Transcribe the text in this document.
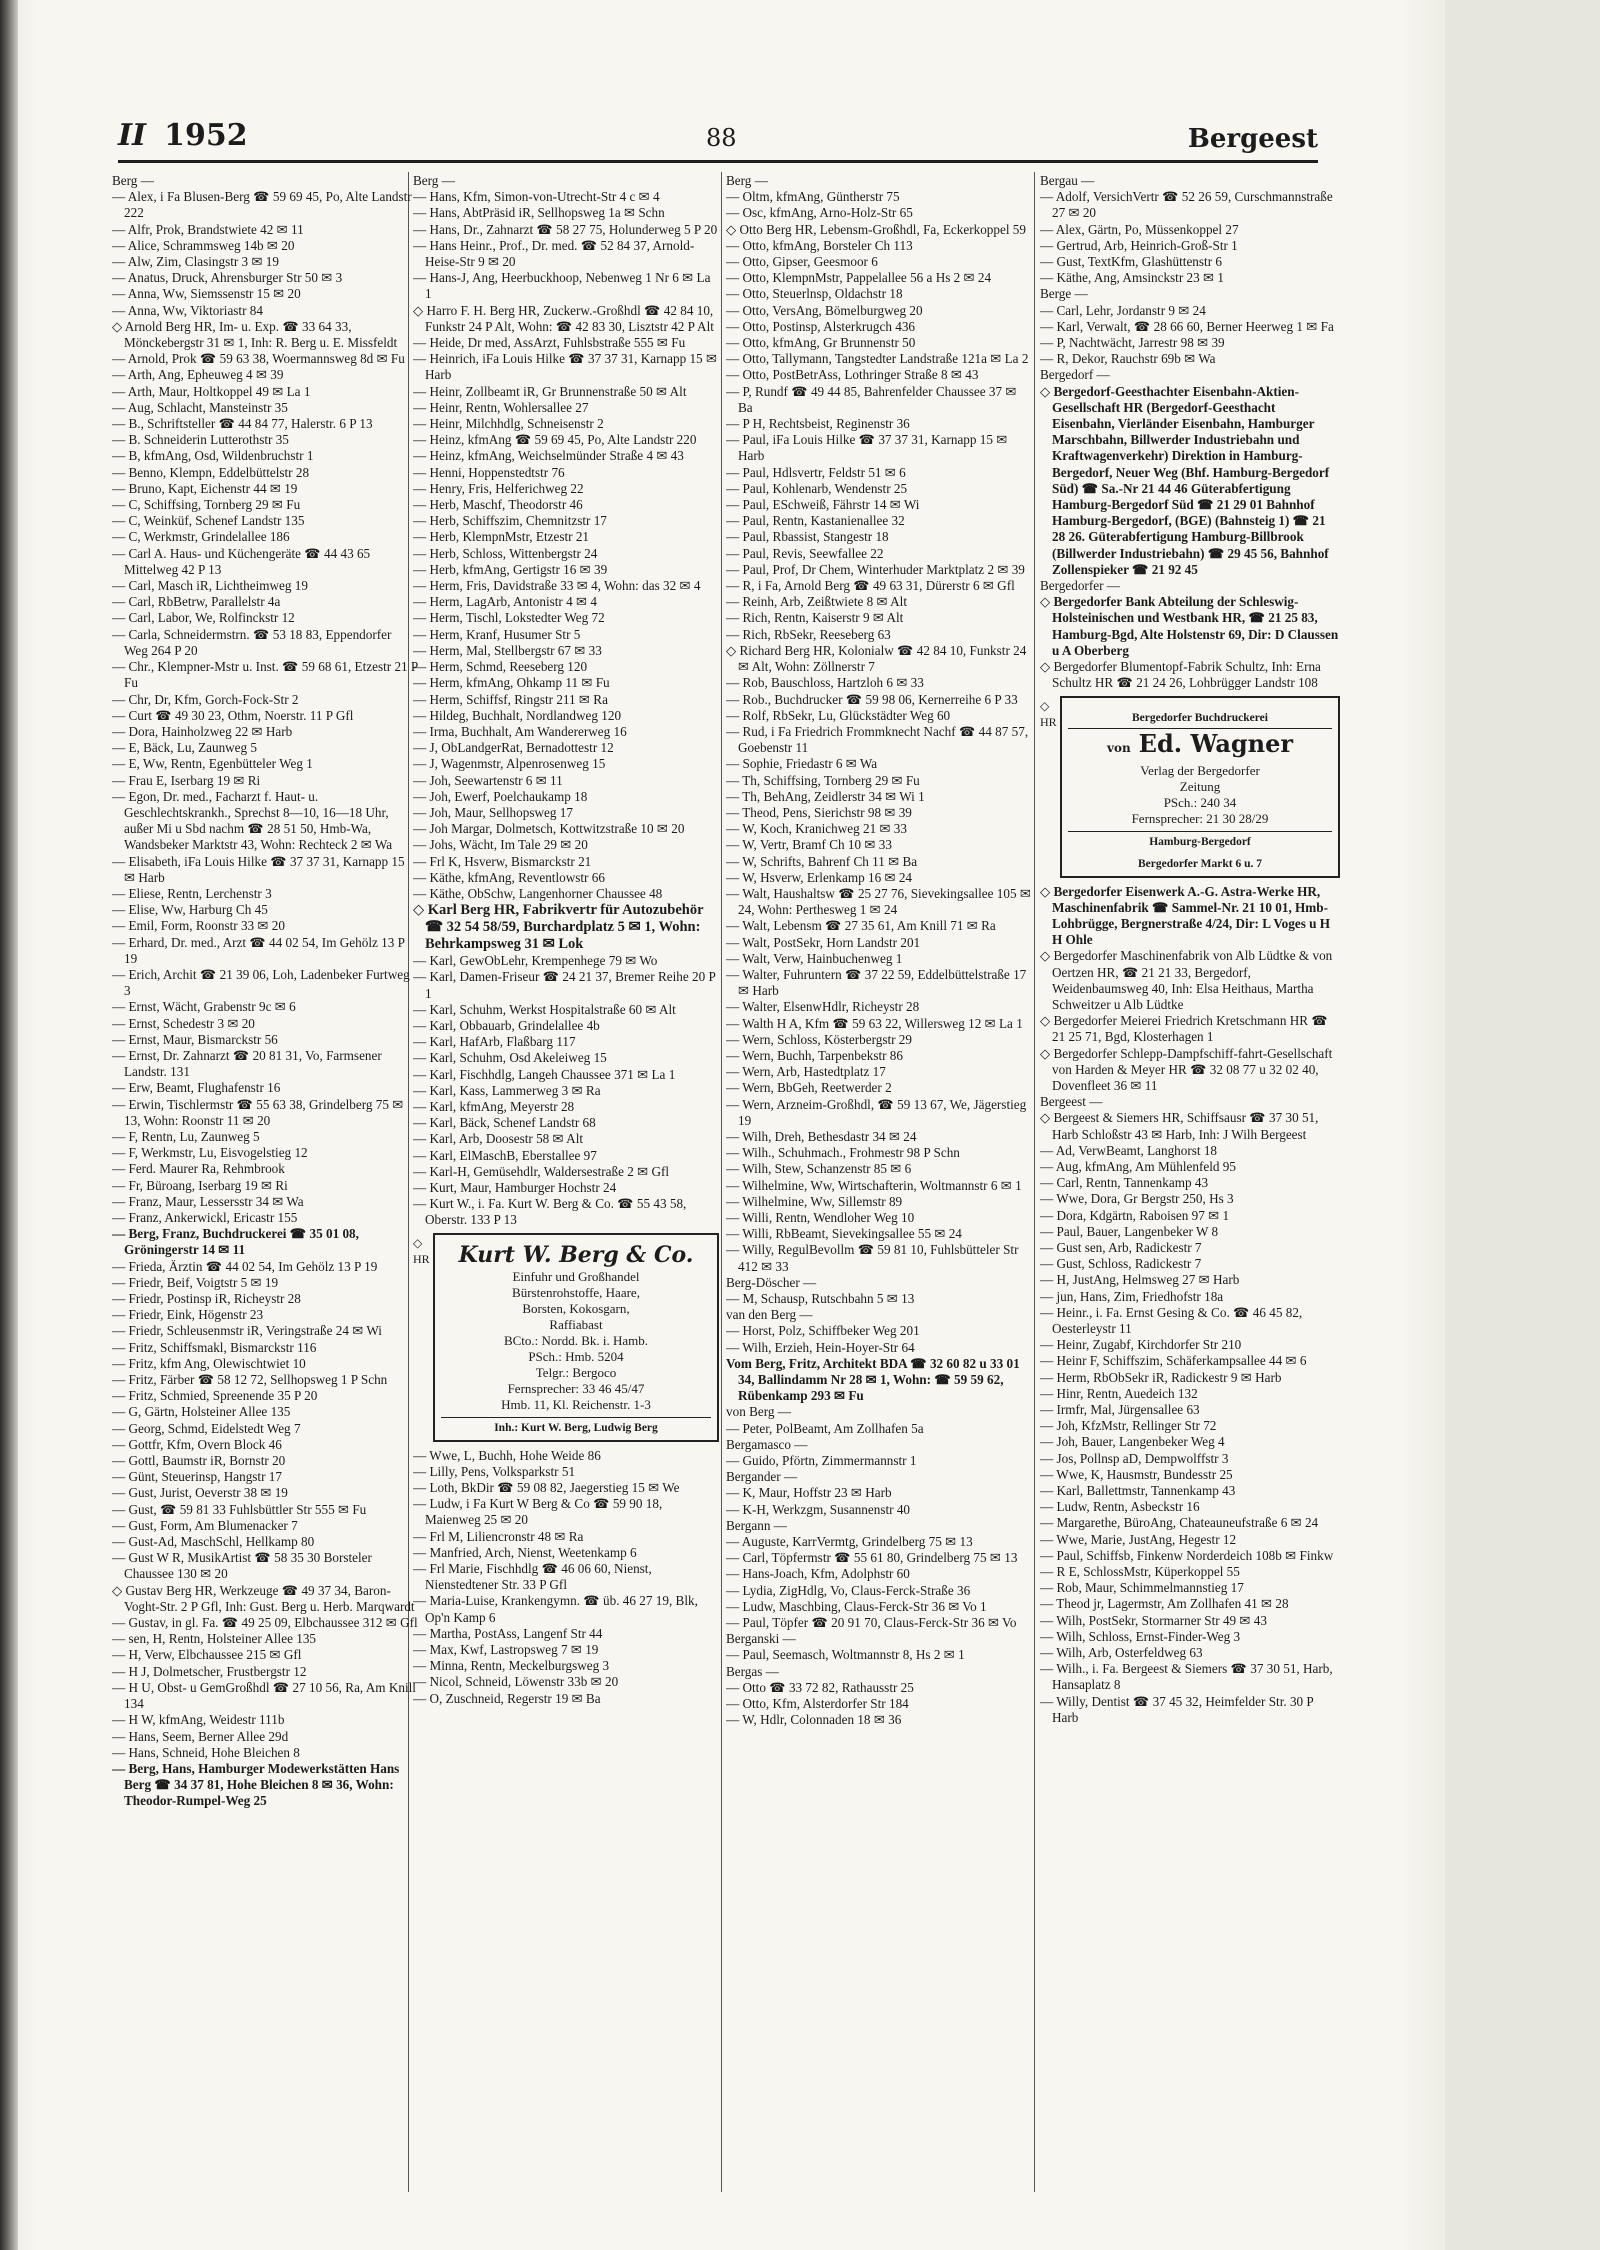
II 1952	88	Bergeest

Berg —

— Alex, i Fa Blusen-Berg ☎ 59 69 45, Po, Alte Landstr 222

— Alfr, Prok, Brandstwiete 42 ✉ 11

— Alice, Schrammsweg 14b ✉ 20

— Alw, Zim, Clasingstr 3 ✉ 19

— Anatus, Druck, Ahrensburger Str 50 ✉ 3

— Anna, Ww, Siemssenstr 15 ✉ 20

— Anna, Ww, Viktoriastr 84

◇ Arnold Berg HR, Im- u. Exp. ☎ 33 64 33, Mönckebergstr 31 ✉ 1, Inh: R. Berg u. E. Missfeldt

— Arnold, Prok ☎ 59 63 38, Woermannsweg 8d ✉ Fu

— Arth, Ang, Epheuweg 4 ✉ 39

— Arth, Maur, Holtkoppel 49 ✉ La 1

— Aug, Schlacht, Mansteinstr 35

— B., Schriftsteller ☎ 44 84 77, Halerstr. 6 P 13

— B. Schneiderin Lutterothstr 35

— B, kfmAng, Osd, Wildenbruchstr 1

— Benno, Klempn, Eddelbüttelstr 28

— Bruno, Kapt, Eichenstr 44 ✉ 19

— C, Schiffsing, Tornberg 29 ✉ Fu

— C, Weinküf, Schenef Landstr 135

— C, Werkmstr, Grindelallee 186

— Carl A. Haus- und Küchengeräte ☎ 44 43 65 Mittelweg 42 P 13

— Carl, Masch iR, Lichtheimweg 19

— Carl, RbBetrw, Parallelstr 4a

— Carl, Labor, We, Rolfinckstr 12

— Carla, Schneidermstrn. ☎ 53 18 83, Eppendorfer Weg 264 P 20

— Chr., Klempner-Mstr u. Inst. ☎ 59 68 61, Etzestr 21 P Fu

— Chr, Dr, Kfm, Gorch-Fock-Str 2

— Curt ☎ 49 30 23, Othm, Noerstr. 11 P Gfl

— Dora, Hainholzweg 22 ✉ Harb

— E, Bäck, Lu, Zaunweg 5

— E, Ww, Rentn, Egenbütteler Weg 1

— Frau E, Iserbarg 19 ✉ Ri

— Egon, Dr. med., Facharzt f. Haut- u. Geschlechtskrankh., Sprechst 8—10, 16—18 Uhr, außer Mi u Sbd nachm ☎ 28 51 50, Hmb-Wa, Wandsbeker Marktstr 43, Wohn: Rechteck 2 ✉ Wa

— Elisabeth, iFa Louis Hilke ☎ 37 37 31, Karnapp 15 ✉ Harb

— Eliese, Rentn, Lerchenstr 3

— Elise, Ww, Harburg Ch 45

— Emil, Form, Roonstr 33 ✉ 20

— Erhard, Dr. med., Arzt ☎ 44 02 54, Im Gehölz 13 P 19

— Erich, Archit ☎ 21 39 06, Loh, Ladenbeker Furtweg 3

— Ernst, Wächt, Grabenstr 9c ✉ 6

— Ernst, Schedestr 3 ✉ 20

— Ernst, Maur, Bismarckstr 56

— Ernst, Dr. Zahnarzt ☎ 20 81 31, Vo, Farmsener Landstr. 131

— Erw, Beamt, Flughafenstr 16

— Erwin, Tischlermstr ☎ 55 63 38, Grindelberg 75 ✉ 13, Wohn: Roonstr 11 ✉ 20

— F, Rentn, Lu, Zaunweg 5

— F, Werkmstr, Lu, Eisvogelstieg 12

— Ferd. Maurer Ra, Rehmbrook

— Fr, Büroang, Iserbarg 19 ✉ Ri

— Franz, Maur, Lessersstr 34 ✉ Wa

— Franz, Ankerwickl, Ericastr 155

— Berg, Franz, Buchdruckerei ☎ 35 01 08, Gröningerstr 14 ✉ 11

— Frieda, Ärztin ☎ 44 02 54, Im Gehölz 13 P 19

— Friedr, Beif, Voigtstr 5 ✉ 19

— Friedr, Postinsp iR, Richeystr 28

— Friedr, Eink, Högenstr 23

— Friedr, Schleusenmstr iR, Veringstraße 24 ✉ Wi

— Fritz, Schiffsmakl, Bismarckstr 116

— Fritz, kfm Ang, Olewischtwiet 10

— Fritz, Färber ☎ 58 12 72, Sellhopsweg 1 P Schn

— Fritz, Schmied, Spreenende 35 P 20

— G, Gärtn, Holsteiner Allee 135

— Georg, Schmd, Eidelstedt Weg 7

— Gottfr, Kfm, Overn Block 46

— Gottl, Baumstr iR, Bornstr 20

— Günt, Steuerinsp, Hangstr 17

— Gust, Jurist, Oeverstr 38 ✉ 19

— Gust, ☎ 59 81 33 Fuhlsbüttler Str 555 ✉ Fu

— Gust, Form, Am Blumenacker 7

— Gust-Ad, MaschSchl, Hellkamp 80

— Gust W R, MusikArtist ☎ 58 35 30 Borsteler Chaussee 130 ✉ 20

◇ Gustav Berg HR, Werkzeuge ☎ 49 37 34, Baron-Voght-Str. 2 P Gfl, Inh: Gust. Berg u. Herb. Marqwardt

— Gustav, in gl. Fa. ☎ 49 25 09, Elbchaussee 312 ✉ Gfl

— sen, H, Rentn, Holsteiner Allee 135

— H, Verw, Elbchaussee 215 ✉ Gfl

— H J, Dolmetscher, Frustbergstr 12

— H U, Obst- u GemGroßhdl ☎ 27 10 56, Ra, Am Knill 134

— H W, kfmAng, Weidestr 111b

— Hans, Seem, Berner Allee 29d

— Hans, Schneid, Hohe Bleichen 8

— Berg, Hans, Hamburger Modewerkstätten Hans Berg ☎ 34 37 81, Hohe Bleichen 8 ✉ 36, Wohn: Theodor-Rumpel-Weg 25

Berg —

— Hans, Kfm, Simon-von-Utrecht-Str 4 c ✉ 4

— Hans, AbtPräsid iR, Sellhopsweg 1a ✉ Schn

— Hans, Dr., Zahnarzt ☎ 58 27 75, Holunderweg 5 P 20

— Hans Heinr., Prof., Dr. med. ☎ 52 84 37, Arnold-Heise-Str 9 ✉ 20

— Hans-J, Ang, Heerbuckhoop, Nebenweg 1 Nr 6 ✉ La 1

◇ Harro F. H. Berg HR, Zuckerw.-Großhdl ☎ 42 84 10, Funkstr 24 P Alt, Wohn: ☎ 42 83 30, Lisztstr 42 P Alt

— Heide, Dr med, AssArzt, Fuhlsbstraße 555 ✉ Fu

— Heinrich, iFa Louis Hilke ☎ 37 37 31, Karnapp 15 ✉ Harb

— Heinr, Zollbeamt iR, Gr Brunnenstraße 50 ✉ Alt

— Heinr, Rentn, Wohlersallee 27

— Heinr, Milchhdlg, Schneisenstr 2

— Heinz, kfmAng ☎ 59 69 45, Po, Alte Landstr 220

— Heinz, kfmAng, Weichselmünder Straße 4 ✉ 43

— Henni, Hoppenstedtstr 76

— Henry, Fris, Helferichweg 22

— Herb, Maschf, Theodorstr 46

— Herb, Schiffszim, Chemnitzstr 17

— Herb, KlempnMstr, Etzestr 21

— Herb, Schloss, Wittenbergstr 24

— Herb, kfmAng, Gertigstr 16 ✉ 39

— Herm, Fris, Davidstraße 33 ✉ 4, Wohn: das 32 ✉ 4

— Herm, LagArb, Antonistr 4 ✉ 4

— Herm, Tischl, Lokstedter Weg 72

— Herm, Kranf, Husumer Str 5

— Herm, Mal, Stellbergstr 67 ✉ 33

— Herm, Schmd, Reeseberg 120

— Herm, kfmAng, Ohkamp 11 ✉ Fu

— Herm, Schiffsf, Ringstr 211 ✉ Ra

— Hildeg, Buchhalt, Nordlandweg 120

— Irma, Buchhalt, Am Wandererweg 16

— J, ObLandgerRat, Bernadottestr 12

— J, Wagenmstr, Alpenrosenweg 15

— Joh, Seewartenstr 6 ✉ 11

— Joh, Ewerf, Poelchaukamp 18

— Joh, Maur, Sellhopsweg 17

— Joh Margar, Dolmetsch, Kottwitzstraße 10 ✉ 20

— Johs, Wächt, Im Tale 29 ✉ 20

— Frl K, Hsverw, Bismarckstr 21

— Käthe, kfmAng, Reventlowstr 66

— Käthe, ObSchw, Langenhorner Chaussee 48

◇ Karl Berg HR, Fabrikvertr für Autozubehör ☎ 32 54 58/59, Burchardplatz 5 ✉ 1, Wohn: Behrkampsweg 31 ✉ Lok

— Karl, GewObLehr, Krempenhege 79 ✉ Wo

— Karl, Damen-Friseur ☎ 24 21 37, Bremer Reihe 20 P 1

— Karl, Schuhm, Werkst Hospitalstraße 60 ✉ Alt

— Karl, Obbauarb, Grindelallee 4b

— Karl, HafArb, Flaßbarg 117

— Karl, Schuhm, Osd Akeleiweg 15

— Karl, Fischhdlg, Langeh Chaussee 371 ✉ La 1

— Karl, Kass, Lammerweg 3 ✉ Ra

— Karl, kfmAng, Meyerstr 28

— Karl, Bäck, Schenef Landstr 68

— Karl, Arb, Doosestr 58 ✉ Alt

— Karl, ElMaschB, Eberstallee 97

— Karl-H, Gemüsehdlr, Waldersestraße 2 ✉ Gfl

— Kurt, Maur, Hamburger Hochstr 24

— Kurt W., i. Fa. Kurt W. Berg & Co. ☎ 55 43 58, Oberstr. 133 P 13

◇
HR	Kurt W. Berg & Co.
Einfuhr und Großhandel
Bürstenrohstoffe, Haare,
Borsten, Kokosgarn,
Raffiabast
BCto.: Nordd. Bk. i. Hamb.
PSch.: Hmb. 5204
Telgr.: Bergoco
Fernsprecher: 33 46 45/47
Hmb. 11, Kl. Reichenstr. 1-3
Inh.: Kurt W. Berg, Ludwig Berg

— Wwe, L, Buchh, Hohe Weide 86

— Lilly, Pens, Volksparkstr 51

— Loth, BkDir ☎ 59 08 82, Jaegerstieg 15 ✉ We

— Ludw, i Fa Kurt W Berg & Co ☎ 59 90 18, Maienweg 25 ✉ 20

— Frl M, Liliencronstr 48 ✉ Ra

— Manfried, Arch, Nienst, Weetenkamp 6

— Frl Marie, Fischhdlg ☎ 46 06 60, Nienst, Nienstedtener Str. 33 P Gfl

— Maria-Luise, Krankengymn. ☎ üb. 46 27 19, Blk, Op'n Kamp 6

— Martha, PostAss, Langenf Str 44

— Max, Kwf, Lastropsweg 7 ✉ 19

— Minna, Rentn, Meckelburgsweg 3

— Nicol, Schneid, Löwenstr 33b ✉ 20

— O, Zuschneid, Regerstr 19 ✉ Ba

Berg —

— Oltm, kfmAng, Güntherstr 75

— Osc, kfmAng, Arno-Holz-Str 65

◇ Otto Berg HR, Lebensm-Großhdl, Fa, Eckerkoppel 59

— Otto, kfmAng, Borsteler Ch 113

— Otto, Gipser, Geesmoor 6

— Otto, KlempnMstr, Pappelallee 56 a Hs 2 ✉ 24

— Otto, Steuerlnsp, Oldachstr 18

— Otto, VersAng, Bömelburgweg 20

— Otto, Postinsp, Alsterkrugch 436

— Otto, kfmAng, Gr Brunnenstr 50

— Otto, Tallymann, Tangstedter Landstraße 121a ✉ La 2

— Otto, PostBetrAss, Lothringer Straße 8 ✉ 43

— P, Rundf ☎ 49 44 85, Bahrenfelder Chaussee 37 ✉ Ba

— P H, Rechtsbeist, Reginenstr 36

— Paul, iFa Louis Hilke ☎ 37 37 31, Karnapp 15 ✉ Harb

— Paul, Hdlsvertr, Feldstr 51 ✉ 6

— Paul, Kohlenarb, Wendenstr 25

— Paul, ESchweiß, Fährstr 14 ✉ Wi

— Paul, Rentn, Kastanienallee 32

— Paul, Rbassist, Stangestr 18

— Paul, Revis, Seewfallee 22

— Paul, Prof, Dr Chem, Winterhuder Marktplatz 2 ✉ 39

— R, i Fa, Arnold Berg ☎ 49 63 31, Dürerstr 6 ✉ Gfl

— Reinh, Arb, Zeißtwiete 8 ✉ Alt

— Rich, Rentn, Kaiserstr 9 ✉ Alt

— Rich, RbSekr, Reeseberg 63

◇ Richard Berg HR, Kolonialw ☎ 42 84 10, Funkstr 24 ✉ Alt, Wohn: Zöllnerstr 7

— Rob, Bauschloss, Hartzloh 6 ✉ 33

— Rob., Buchdrucker ☎ 59 98 06, Kernerreihe 6 P 33

— Rolf, RbSekr, Lu, Glückstädter Weg 60

— Rud, i Fa Friedrich Frommknecht Nachf ☎ 44 87 57, Goebenstr 11

— Sophie, Friedastr 6 ✉ Wa

— Th, Schiffsing, Tornberg 29 ✉ Fu

— Th, BehAng, Zeidlerstr 34 ✉ Wi 1

— Theod, Pens, Sierichstr 98 ✉ 39

— W, Koch, Kranichweg 21 ✉ 33

— W, Vertr, Bramf Ch 10 ✉ 33

— W, Schrifts, Bahrenf Ch 11 ✉ Ba

— W, Hsverw, Erlenkamp 16 ✉ 24

— Walt, Haushaltsw ☎ 25 27 76, Sievekingsallee 105 ✉ 24, Wohn: Perthesweg 1 ✉ 24

— Walt, Lebensm ☎ 27 35 61, Am Knill 71 ✉ Ra

— Walt, PostSekr, Horn Landstr 201

— Walt, Verw, Hainbuchenweg 1

— Walter, Fuhruntern ☎ 37 22 59, Eddelbüttelstraße 17 ✉ Harb

— Walter, ElsenwHdlr, Richeystr 28

— Walth H A, Kfm ☎ 59 63 22, Willersweg 12 ✉ La 1

— Wern, Schloss, Kösterbergstr 29

— Wern, Buchh, Tarpenbekstr 86

— Wern, Arb, Hastedtplatz 17

— Wern, BbGeh, Reetwerder 2

— Wern, Arzneim-Großhdl, ☎ 59 13 67, We, Jägerstieg 19

— Wilh, Dreh, Bethesdastr 34 ✉ 24

— Wilh., Schuhmach., Frohmestr 98 P Schn

— Wilh, Stew, Schanzenstr 85 ✉ 6

— Wilhelmine, Ww, Wirtschafterin, Woltmannstr 6 ✉ 1

— Wilhelmine, Ww, Sillemstr 89

— Willi, Rentn, Wendloher Weg 10

— Willi, RbBeamt, Sievekingsallee 55 ✉ 24

— Willy, RegulBevollm ☎ 59 81 10, Fuhlsbütteler Str 412 ✉ 33

Berg-Döscher —

— M, Schausp, Rutschbahn 5 ✉ 13

van den Berg —

— Horst, Polz, Schiffbeker Weg 201

— Wilh, Erzieh, Hein-Hoyer-Str 64

Vom Berg, Fritz, Architekt BDA ☎ 32 60 82 u 33 01 34, Ballindamm Nr 28 ✉ 1, Wohn: ☎ 59 59 62, Rübenkamp 293 ✉ Fu

von Berg —

— Peter, PolBeamt, Am Zollhafen 5a

Bergamasco —

— Guido, Pförtn, Zimmermannstr 1

Bergander —

— K, Maur, Hoffstr 23 ✉ Harb

— K-H, Werkzgm, Susannenstr 40

Bergann —

— Auguste, KarrVermtg, Grindelberg 75 ✉ 13

— Carl, Töpfermstr ☎ 55 61 80, Grindelberg 75 ✉ 13

— Hans-Joach, Kfm, Adolphstr 60

— Lydia, ZigHdlg, Vo, Claus-Ferck-Straße 36

— Ludw, Maschbing, Claus-Ferck-Str 36 ✉ Vo 1

— Paul, Töpfer ☎ 20 91 70, Claus-Ferck-Str 36 ✉ Vo

Berganski —

— Paul, Seemasch, Woltmannstr 8, Hs 2 ✉ 1

Bergas —

— Otto ☎ 33 72 82, Rathausstr 25

— Otto, Kfm, Alsterdorfer Str 184

— W, Hdlr, Colonnaden 18 ✉ 36

Bergau —

— Adolf, VersichVertr ☎ 52 26 59, Curschmannstraße 27 ✉ 20

— Alex, Gärtn, Po, Müssenkoppel 27

— Gertrud, Arb, Heinrich-Groß-Str 1

— Gust, TextKfm, Glashüttenstr 6

— Käthe, Ang, Amsinckstr 23 ✉ 1

Berge —

— Carl, Lehr, Jordanstr 9 ✉ 24

— Karl, Verwalt, ☎ 28 66 60, Berner Heerweg 1 ✉ Fa

— P, Nachtwächt, Jarrestr 98 ✉ 39

— R, Dekor, Rauchstr 69b ✉ Wa

Bergedorf —

◇ Bergedorf-Geesthachter Eisenbahn-Aktien-Gesellschaft HR (Bergedorf-Geesthacht Eisenbahn, Vierländer Eisenbahn, Hamburger Marschbahn, Billwerder Industriebahn und Kraftwagenverkehr) Direktion in Hamburg-Bergedorf, Neuer Weg (Bhf. Hamburg-Bergedorf Süd) ☎ Sa.-Nr 21 44 46 Güterabfertigung Hamburg-Bergedorf Süd ☎ 21 29 01 Bahnhof Hamburg-Bergedorf, (BGE) (Bahnsteig 1) ☎ 21 28 26. Güterabfertigung Hamburg-Billbrook (Billwerder Industriebahn) ☎ 29 45 56, Bahnhof Zollenspieker ☎ 21 92 45

Bergedorfer —

◇ Bergedorfer Bank Abteilung der Schleswig-Holsteinischen und Westbank HR, ☎ 21 25 83, Hamburg-Bgd, Alte Holstenstr 69, Dir: D Claussen u A Oberberg

◇ Bergedorfer Blumentopf-Fabrik Schultz, Inh: Erna Schultz HR ☎ 21 24 26, Lohbrügger Landstr 108

◇
HR	Bergedorfer Buchdruckerei
von Ed. Wagner
Verlag der Bergedorfer
Zeitung
PSch.: 240 34
Fernsprecher: 21 30 28/29
Hamburg-Bergedorf
Bergedorfer Markt 6 u. 7

◇ Bergedorfer Eisenwerk A.-G. Astra-Werke HR, Maschinenfabrik ☎ Sammel-Nr. 21 10 01, Hmb-Lohbrügge, Bergnerstraße 4/24, Dir: L Voges u H H Ohle

◇ Bergedorfer Maschinenfabrik von Alb Lüdtke & von Oertzen HR, ☎ 21 21 33, Bergedorf, Weidenbaumsweg 40, Inh: Elsa Heithaus, Martha Schweitzer u Alb Lüdtke

◇ Bergedorfer Meierei Friedrich Kretschmann HR ☎ 21 25 71, Bgd, Klosterhagen 1

◇ Bergedorfer Schlepp-Dampfschiff-fahrt-Gesellschaft von Harden & Meyer HR ☎ 32 08 77 u 32 02 40, Dovenfleet 36 ✉ 11

Bergeest —

◇ Bergeest & Siemers HR, Schiffsausr ☎ 37 30 51, Harb Schloßstr 43 ✉ Harb, Inh: J Wilh Bergeest

— Ad, VerwBeamt, Langhorst 18

— Aug, kfmAng, Am Mühlenfeld 95

— Carl, Rentn, Tannenkamp 43

— Wwe, Dora, Gr Bergstr 250, Hs 3

— Dora, Kdgärtn, Raboisen 97 ✉ 1

— Paul, Bauer, Langenbeker W 8

— Gust sen, Arb, Radickestr 7

— Gust, Schloss, Radickestr 7

— H, JustAng, Helmsweg 27 ✉ Harb

— jun, Hans, Zim, Friedhofstr 18a

— Heinr., i. Fa. Ernst Gesing & Co. ☎ 46 45 82, Oesterleystr 11

— Heinr, Zugabf, Kirchdorfer Str 210

— Heinr F, Schiffszim, Schäferkampsallee 44 ✉ 6

— Herm, RbObSekr iR, Radickestr 9 ✉ Harb

— Hinr, Rentn, Auedeich 132

— Irmfr, Mal, Jürgensallee 63

— Joh, KfzMstr, Rellinger Str 72

— Joh, Bauer, Langenbeker Weg 4

— Jos, Pollnsp aD, Dempwolffstr 3

— Wwe, K, Hausmstr, Bundesstr 25

— Karl, Ballettmstr, Tannenkamp 43

— Ludw, Rentn, Asbeckstr 16

— Margarethe, BüroAng, Chateauneufstraße 6 ✉ 24

— Wwe, Marie, JustAng, Hegestr 12

— Paul, Schiffsb, Finkenw Norderdeich 108b ✉ Finkw

— R E, SchlossMstr, Küperkoppel 55

— Rob, Maur, Schimmelmannstieg 17

— Theod jr, Lagermstr, Am Zollhafen 41 ✉ 28

— Wilh, PostSekr, Stormarner Str 49 ✉ 43

— Wilh, Schloss, Ernst-Finder-Weg 3

— Wilh, Arb, Osterfeldweg 63

— Wilh., i. Fa. Bergeest & Siemers ☎ 37 30 51, Harb, Hansaplatz 8

— Willy, Dentist ☎ 37 45 32, Heimfelder Str. 30 P Harb
